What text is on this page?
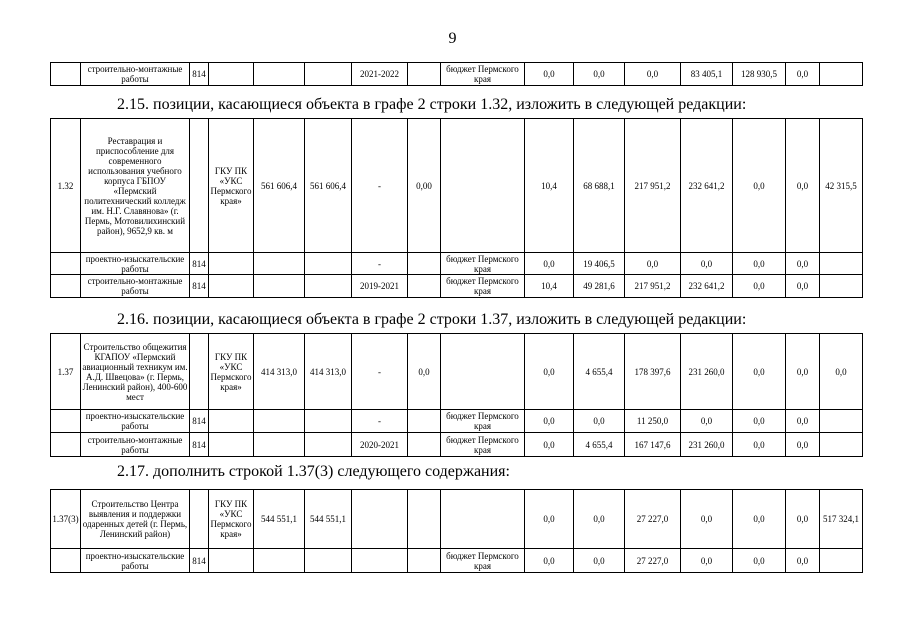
9
	строительно-монтажные работы	814				2021-2022		бюджет Пермского края	0,0	0,0	0,0	83 405,1	128 930,5	0,0	
2.15. позиции, касающиеся объекта в графе 2 строки 1.32, изложить в следующей редакции:
1.32	Реставрация и приспособление для современного использования учебного корпуса ГБПОУ «Пермский политехнический колледж им. Н.Г. Славянова» (г. Пермь, Мотовилихинский район), 9652,9 кв. м		ГКУ ПК «УКС Пермского края»	561 606,4	561 606,4	-	0,00		10,4	68 688,1	217 951,2	232 641,2	0,0	0,0	42 315,5
	проектно-изыскательские работы	814				-		бюджет Пермского края	0,0	19 406,5	0,0	0,0	0,0	0,0	
	строительно-монтажные работы	814				2019-2021		бюджет Пермского края	10,4	49 281,6	217 951,2	232 641,2	0,0	0,0	
2.16. позиции, касающиеся объекта в графе 2 строки 1.37, изложить в следующей редакции:
1.37	Строительство общежития КГАПОУ «Пермский авиационный техникум им. А.Д. Швецова» (г. Пермь, Ленинский район), 400-600 мест		ГКУ ПК «УКС Пермского края»	414 313,0	414 313,0	-	0,0		0,0	4 655,4	178 397,6	231 260,0	0,0	0,0	0,0
	проектно-изыскательские работы	814				-		бюджет Пермского края	0,0	0,0	11 250,0	0,0	0,0	0,0	
	строительно-монтажные работы	814				2020-2021		бюджет Пермского края	0,0	4 655,4	167 147,6	231 260,0	0,0	0,0	
2.17. дополнить строкой 1.37(3) следующего содержания:
1.37(3)	Строительство Центра выявления и поддержки одаренных детей (г. Пермь, Ленинский район)		ГКУ ПК «УКС Пермского края»	544 551,1	544 551,1				0,0	0,0	27 227,0	0,0	0,0	0,0	517 324,1
	проектно-изыскательские работы	814						бюджет Пермского края	0,0	0,0	27 227,0	0,0	0,0	0,0	
